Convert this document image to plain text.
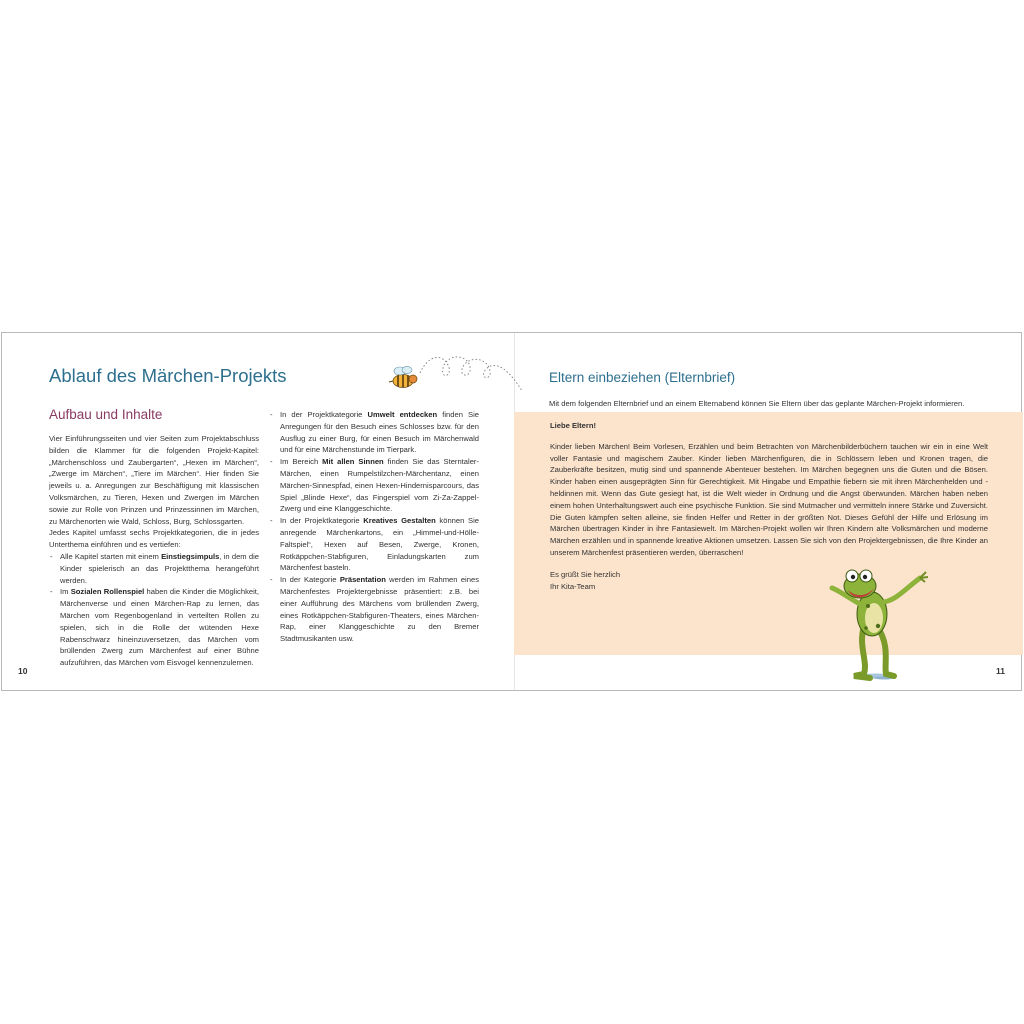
Ablauf des Märchen-Projekts
Aufbau und Inhalte

Vier Einführungsseiten und vier Seiten zum Projektabschluss bilden die Klammer für die folgenden Projekt-Kapitel: „Märchenschloss und Zaubergarten“, „Hexen im Märchen“, „Zwerge im Märchen“, „Tiere im Märchen“. Hier finden Sie jeweils u. a. Anregungen zur Beschäftigung mit klassischen Volksmärchen, zu Tieren, Hexen und Zwergen im Märchen sowie zur Rolle von Prinzen und Prinzessinnen im Märchen, zu Märchenorten wie Wald, Schloss, Burg, Schlossgarten.

Jedes Kapitel umfasst sechs Projektkategorien, die in jedes Unterthema einführen und es vertiefen:

- Alle Kapitel starten mit einem Einstiegsimpuls, in dem die Kinder spielerisch an das Projektthema herangeführt werden.
- Im Sozialen Rollenspiel haben die Kinder die Möglichkeit, Märchenverse und einen Märchen-Rap zu lernen, das Märchen vom Regenbogenland in verteilten Rollen zu spielen, sich in die Rolle der wütenden Hexe Rabenschwarz hineinzuversetzen, das Märchen vom brüllenden Zwerg zum Märchenfest auf einer Bühne aufzuführen, das Märchen vom Eisvogel kennenzulernen.
- In der Projektkategorie Umwelt entdecken finden Sie Anregungen für den Besuch eines Schlosses bzw. für den Ausflug zu einer Burg, für einen Besuch im Märchenwald und für eine Märchenstunde im Tierpark.
- Im Bereich Mit allen Sinnen finden Sie das Sterntaler-Märchen, einen Rumpelstilzchen-Märchentanz, einen Märchen-Sinnespfad, einen Hexen-Hindernisparcours, das Spiel „Blinde Hexe“, das Fingerspiel vom Zi-Za-Zappel-Zwerg und eine Klanggeschichte.
- In der Projektkategorie Kreatives Gestalten können Sie anregende Märchenkartons, ein „Himmel-und-Hölle-Faltspiel“, Hexen auf Besen, Zwerge, Kronen, Rotkäppchen-Stabfiguren, Einladungskarten zum Märchenfest basteln.
- In der Kategorie Präsentation werden im Rahmen eines Märchenfestes Projektergebnisse präsentiert: z.B. bei einer Aufführung des Märchens vom brüllenden Zwerg, eines Rotkäppchen-Stabfiguren-Theaters, eines Märchen-Rap, einer Klanggeschichte zu den Bremer Stadtmusikanten usw.
Eltern einbeziehen (Elternbrief)
Mit dem folgenden Elternbrief und an einem Elternabend können Sie Eltern über das geplante Märchen-Projekt informieren.

Liebe Eltern!

Kinder lieben Märchen! Beim Vorlesen, Erzählen und beim Betrachten von Märchenbilderbüchern tauchen wir ein in eine Welt voller Fantasie und magischem Zauber. Kinder lieben Märchenfiguren, die in Schlössern leben und Kronen tragen, die Zauberkräfte besitzen, mutig sind und spannende Abenteuer bestehen. Im Märchen begegnen uns die Guten und die Bösen. Kinder haben einen ausgeprägten Sinn für Gerechtigkeit. Mit Hingabe und Empathie fiebern sie mit ihren Märchenhelden und -heldinnen mit. Wenn das Gute gesiegt hat, ist die Welt wieder in Ordnung und die Angst überwunden. Märchen haben neben einem hohen Unterhaltungswert auch eine psychische Funktion. Sie sind Mutmacher und vermitteln innere Stärke und Zuversicht. Die Guten kämpfen selten alleine, sie finden Helfer und Retter in der größten Not. Dieses Gefühl der Hilfe und Erlösung im Märchen übertragen Kinder in ihre Fantasiewelt. Im Märchen-Projekt wollen wir Ihren Kindern alte Volksmärchen und moderne Märchen erzählen und in spannende kreative Aktionen umsetzen. Lassen Sie sich von den Projektergebnissen, die Ihre Kinder an unserem Märchenfest präsentieren werden, überraschen!

Es grüßt Sie herzlich
Ihr Kita-Team

10	11
